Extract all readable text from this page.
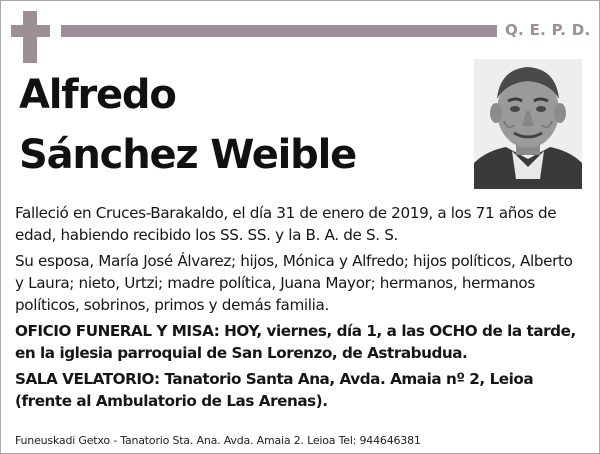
Q. E. P. D.
Alfredo
Sánchez Weible

Falleció en Cruces-Barakaldo, el día 31 de enero de 2019, a los 71 años de edad, habiendo recibido los SS. SS. y la B. A. de S. S.

Su esposa, María José Álvarez; hijos, Mónica y Alfredo; hijos políticos, Alberto y Laura; nieto, Urtzi; madre política, Juana Mayor; hermanos, hermanos políticos, sobrinos, primos y demás familia.

OFICIO FUNERAL Y MISA: HOY, viernes, día 1, a las OCHO de la tarde, en la iglesia parroquial de San Lorenzo, de Astrabudua.

SALA VELATORIO: Tanatorio Santa Ana, Avda. Amaia nº 2, Leioa (frente al Ambulatorio de Las Arenas).

Funeuskadi Getxo - Tanatorio Sta. Ana. Avda. Amaia 2. Leioa Tel: 944646381
